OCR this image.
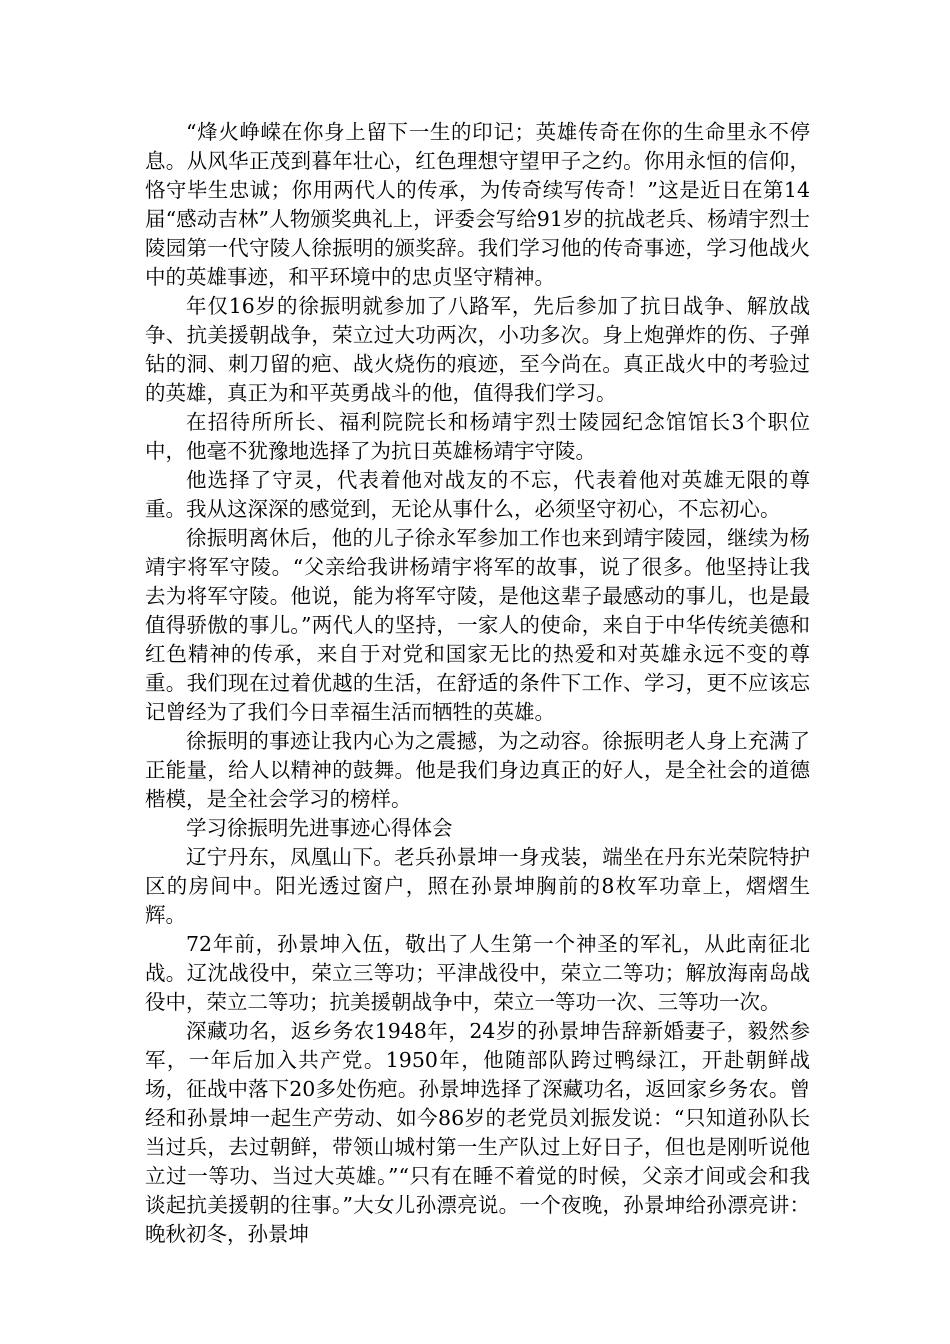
“烽火峥嵘在你身上留下一生的印记；英雄传奇在你的生命里永不停息。从风华正茂到暮年壮心，红色理想守望甲子之约。你用永恒的信仰，恪守毕生忠诚；你用两代人的传承，为传奇续写传奇！”这是近日在第14届“感动吉林”人物颁奖典礼上，评委会写给91岁的抗战老兵、杨靖宇烈士陵园第一代守陵人徐振明的颁奖辞。我们学习他的传奇事迹，学习他战火中的英雄事迹，和平环境中的忠贞坚守精神。

年仅16岁的徐振明就参加了八路军，先后参加了抗日战争、解放战争、抗美援朝战争，荣立过大功两次，小功多次。身上炮弹炸的伤、子弹钻的洞、刺刀留的疤、战火烧伤的痕迹，至今尚在。真正战火中的考验过的英雄，真正为和平英勇战斗的他，值得我们学习。

在招待所所长、福利院院长和杨靖宇烈士陵园纪念馆馆长3个职位中，他毫不犹豫地选择了为抗日英雄杨靖宇守陵。

他选择了守灵，代表着他对战友的不忘，代表着他对英雄无限的尊重。我从这深深的感觉到，无论从事什么，必须坚守初心，不忘初心。

徐振明离休后，他的儿子徐永军参加工作也来到靖宇陵园，继续为杨靖宇将军守陵。“父亲给我讲杨靖宇将军的故事，说了很多。他坚持让我去为将军守陵。他说，能为将军守陵，是他这辈子最感动的事儿，也是最值得骄傲的事儿。”两代人的坚持，一家人的使命，来自于中华传统美德和红色精神的传承，来自于对党和国家无比的热爱和对英雄永远不变的尊重。我们现在过着优越的生活，在舒适的条件下工作、学习，更不应该忘记曾经为了我们今日幸福生活而牺牲的英雄。

徐振明的事迹让我内心为之震撼，为之动容。徐振明老人身上充满了正能量，给人以精神的鼓舞。他是我们身边真正的好人，是全社会的道德楷模，是全社会学习的榜样。

学习徐振明先进事迹心得体会

辽宁丹东，凤凰山下。老兵孙景坤一身戎装，端坐在丹东光荣院特护区的房间中。阳光透过窗户，照在孙景坤胸前的8枚军功章上，熠熠生辉。

72年前，孙景坤入伍，敬出了人生第一个神圣的军礼，从此南征北战。辽沈战役中，荣立三等功；平津战役中，荣立二等功；解放海南岛战役中，荣立二等功；抗美援朝战争中，荣立一等功一次、三等功一次。

深藏功名，返乡务农1948年，24岁的孙景坤告辞新婚妻子，毅然参军，一年后加入共产党。1950年，他随部队跨过鸭绿江，开赴朝鲜战场，征战中落下20多处伤疤。孙景坤选择了深藏功名，返回家乡务农。曾经和孙景坤一起生产劳动、如今86岁的老党员刘振发说：“只知道孙队长当过兵，去过朝鲜，带领山城村第一生产队过上好日子，但也是刚听说他立过一等功、当过大英雄。”“只有在睡不着觉的时候，父亲才间或会和我谈起抗美援朝的往事。”大女儿孙漂亮说。一个夜晚，孙景坤给孙漂亮讲：晚秋初冬，孙景坤
